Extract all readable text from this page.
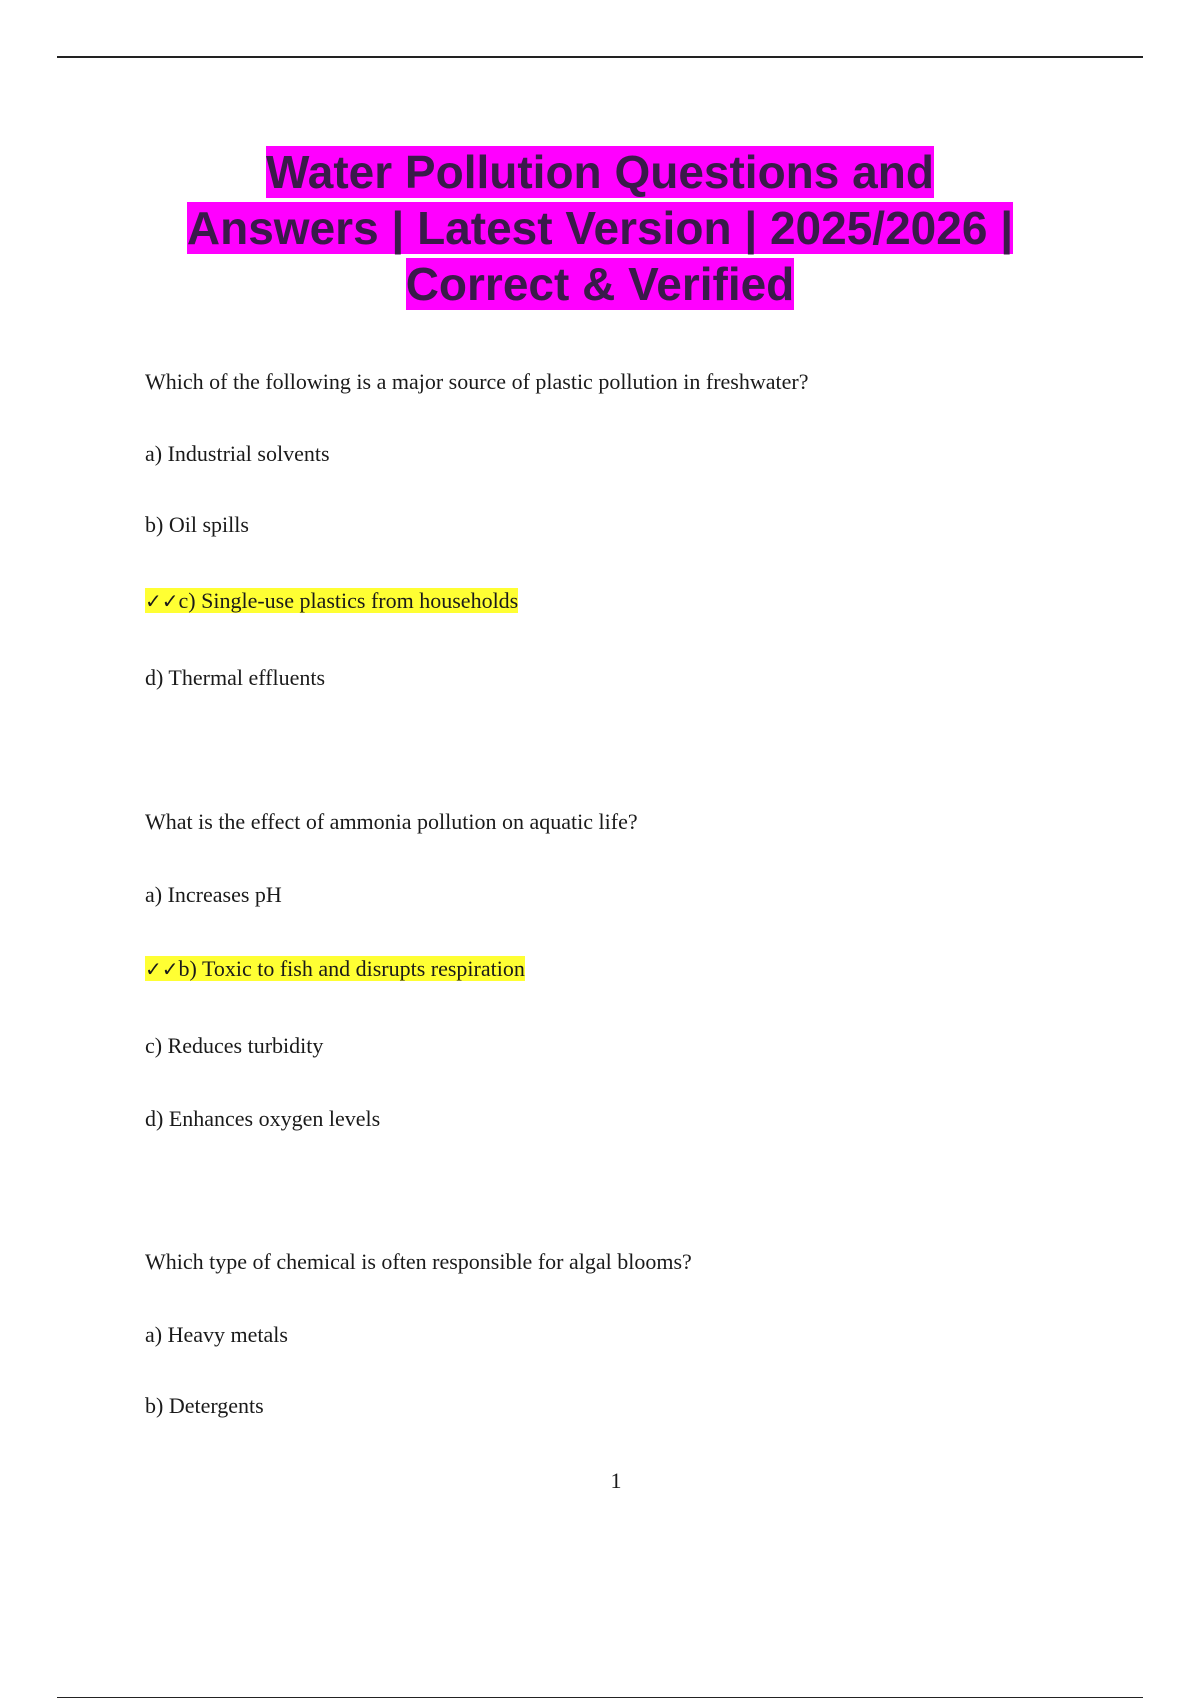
Water Pollution Questions and
Answers | Latest Version | 2025/2026 |
Correct & Verified
Which of the following is a major source of plastic pollution in freshwater?
a) Industrial solvents
b) Oil spills
✓✓c) Single-use plastics from households
d) Thermal effluents
What is the effect of ammonia pollution on aquatic life?
a) Increases pH
✓✓b) Toxic to fish and disrupts respiration
c) Reduces turbidity
d) Enhances oxygen levels
Which type of chemical is often responsible for algal blooms?
a) Heavy metals
b) Detergents
1
